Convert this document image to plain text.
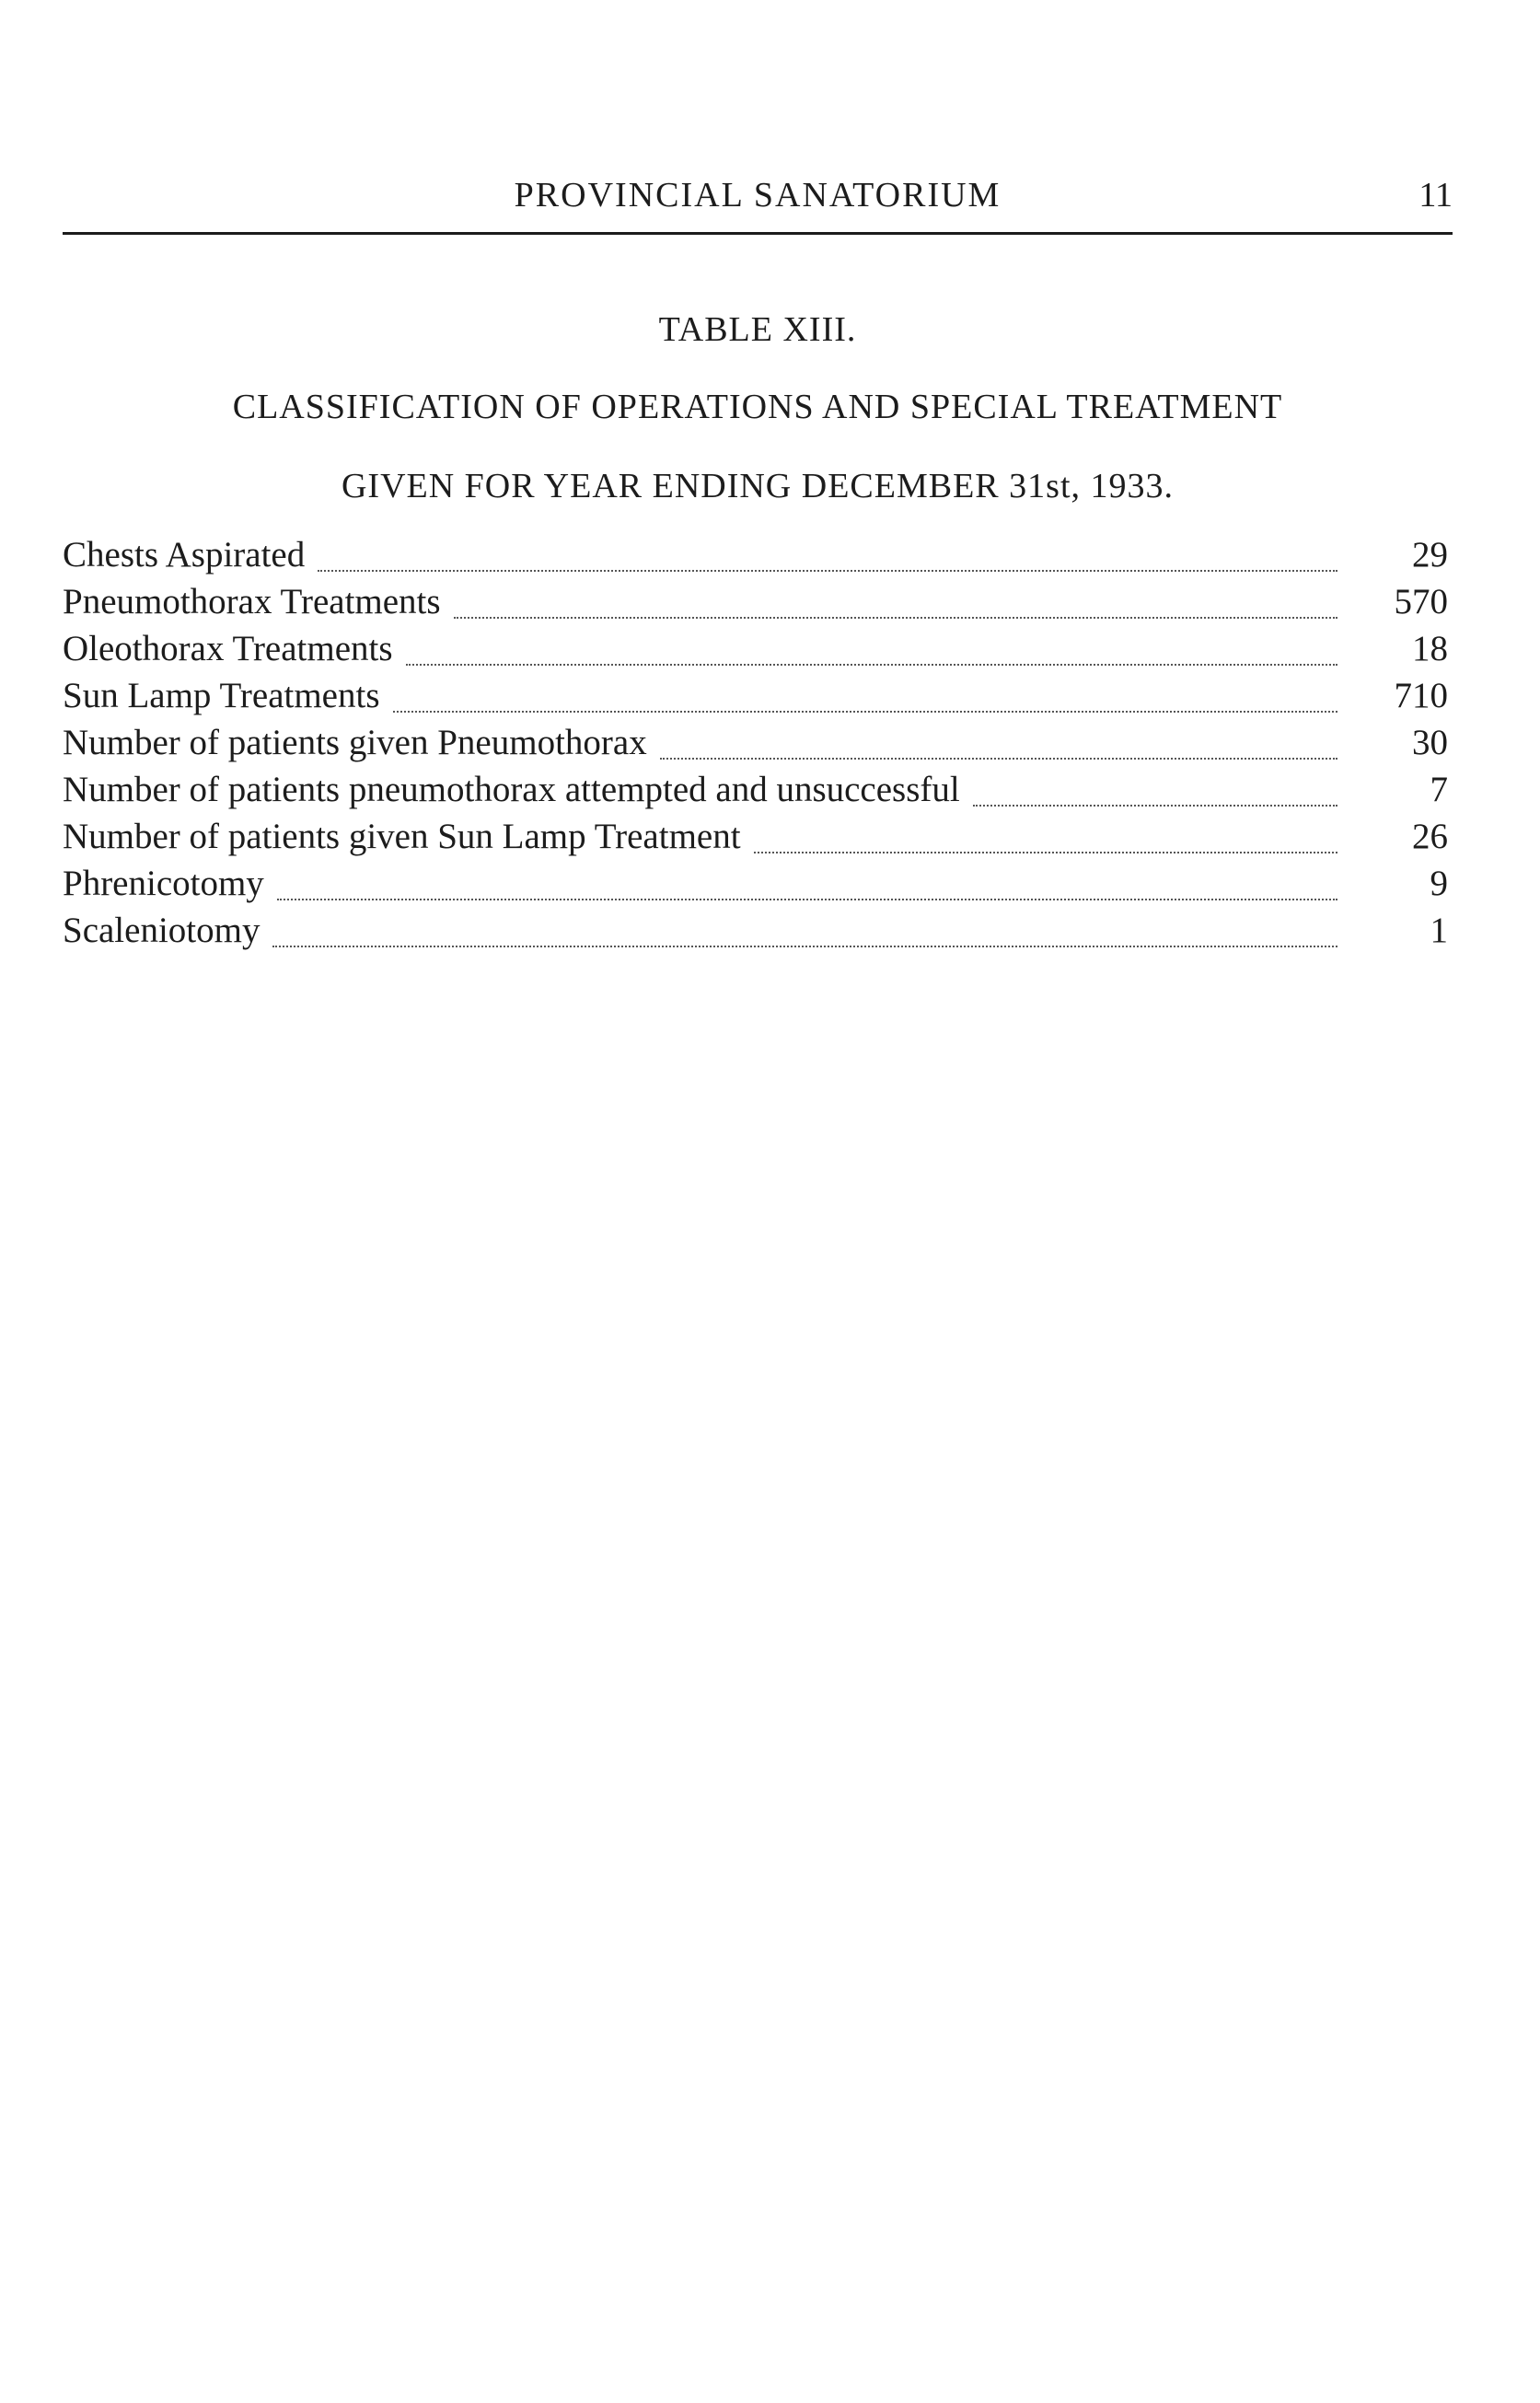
PROVINCIAL SANATORIUM	11
TABLE XIII.
CLASSIFICATION OF OPERATIONS AND SPECIAL TREATMENT
GIVEN FOR YEAR ENDING DECEMBER 31st, 1933.
Chests Aspirated	29
Pneumothorax Treatments	570
Oleothorax Treatments	18
Sun Lamp Treatments	710
Number of patients given Pneumothorax	30
Number of patients pneumothorax attempted and unsuccessful	7
Number of patients given Sun Lamp Treatment	26
Phrenicotomy	9
Scaleniotomy	1
